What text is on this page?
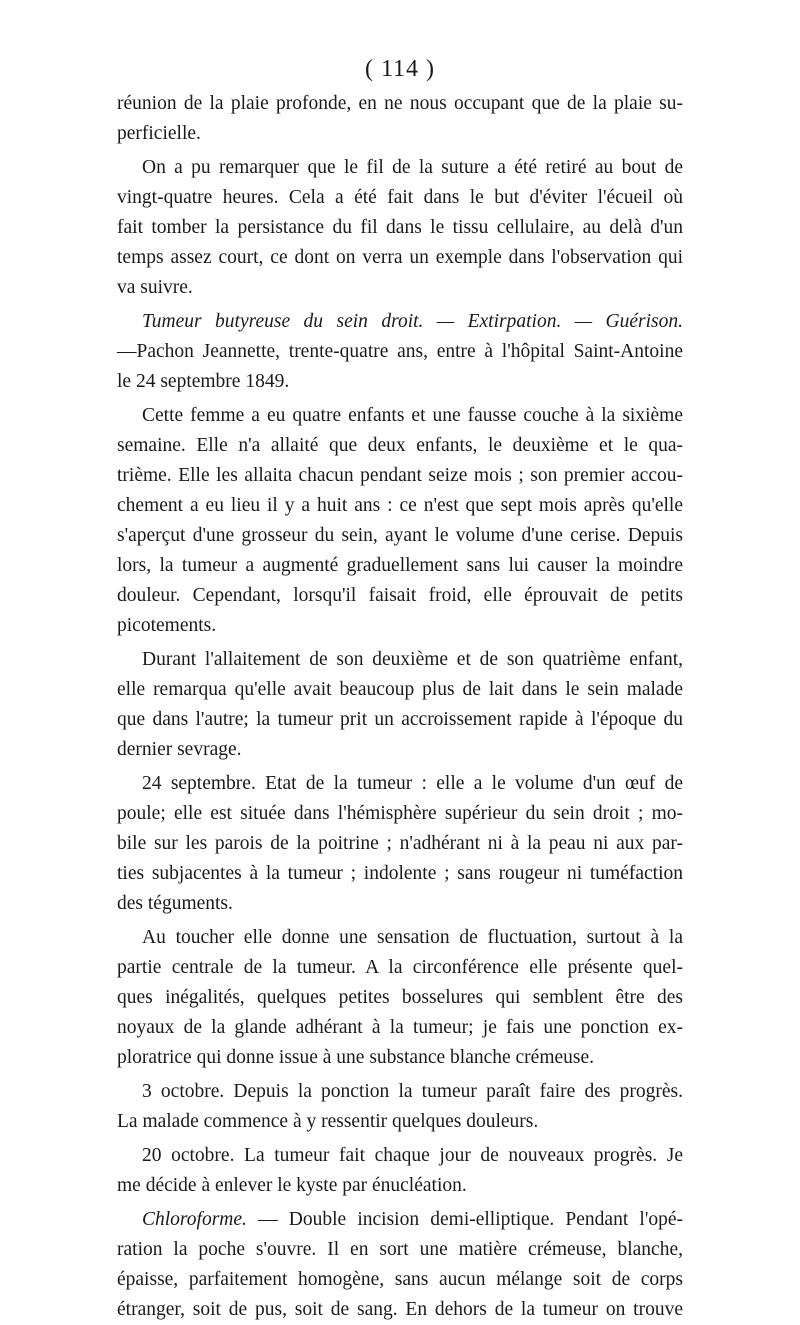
( 114 )
réunion de la plaie profonde, en ne nous occupant que de la plaie su-
perficielle.
On a pu remarquer que le fil de la suture a été retiré au bout de
vingt-quatre heures. Cela a été fait dans le but d'éviter l'écueil où
fait tomber la persistance du fil dans le tissu cellulaire, au delà d'un
temps assez court, ce dont on verra un exemple dans l'observation qui
va suivre.
Tumeur butyreuse du sein droit. — Extirpation. — Guérison.
—Pachon Jeannette, trente-quatre ans, entre à l'hôpital Saint-Antoine
le 24 septembre 1849.
Cette femme a eu quatre enfants et une fausse couche à la sixième
semaine. Elle n'a allaité que deux enfants, le deuxième et le qua-
trième. Elle les allaita chacun pendant seize mois ; son premier accou-
chement a eu lieu il y a huit ans : ce n'est que sept mois après qu'elle
s'aperçut d'une grosseur du sein, ayant le volume d'une cerise. Depuis
lors, la tumeur a augmenté graduellement sans lui causer la moindre
douleur. Cependant, lorsqu'il faisait froid, elle éprouvait de petits
picotements.
Durant l'allaitement de son deuxième et de son quatrième enfant,
elle remarqua qu'elle avait beaucoup plus de lait dans le sein malade
que dans l'autre; la tumeur prit un accroissement rapide à l'époque du
dernier sevrage.
24 septembre. Etat de la tumeur : elle a le volume d'un œuf de
poule; elle est située dans l'hémisphère supérieur du sein droit ; mo-
bile sur les parois de la poitrine ; n'adhérant ni à la peau ni aux par-
ties subjacentes à la tumeur ; indolente ; sans rougeur ni tuméfaction
des téguments.
Au toucher elle donne une sensation de fluctuation, surtout à la
partie centrale de la tumeur. A la circonférence elle présente quel-
ques inégalités, quelques petites bosselures qui semblent être des
noyaux de la glande adhérant à la tumeur; je fais une ponction ex-
ploratrice qui donne issue à une substance blanche crémeuse.
3 octobre. Depuis la ponction la tumeur paraît faire des progrès.
La malade commence à y ressentir quelques douleurs.
20 octobre. La tumeur fait chaque jour de nouveaux progrès. Je
me décide à enlever le kyste par énucléation.
Chloroforme. — Double incision demi-elliptique. Pendant l'opé-
ration la poche s'ouvre. Il en sort une matière crémeuse, blanche,
épaisse, parfaitement homogène, sans aucun mélange soit de corps
étranger, soit de pus, soit de sang. En dehors de la tumeur on trouve
